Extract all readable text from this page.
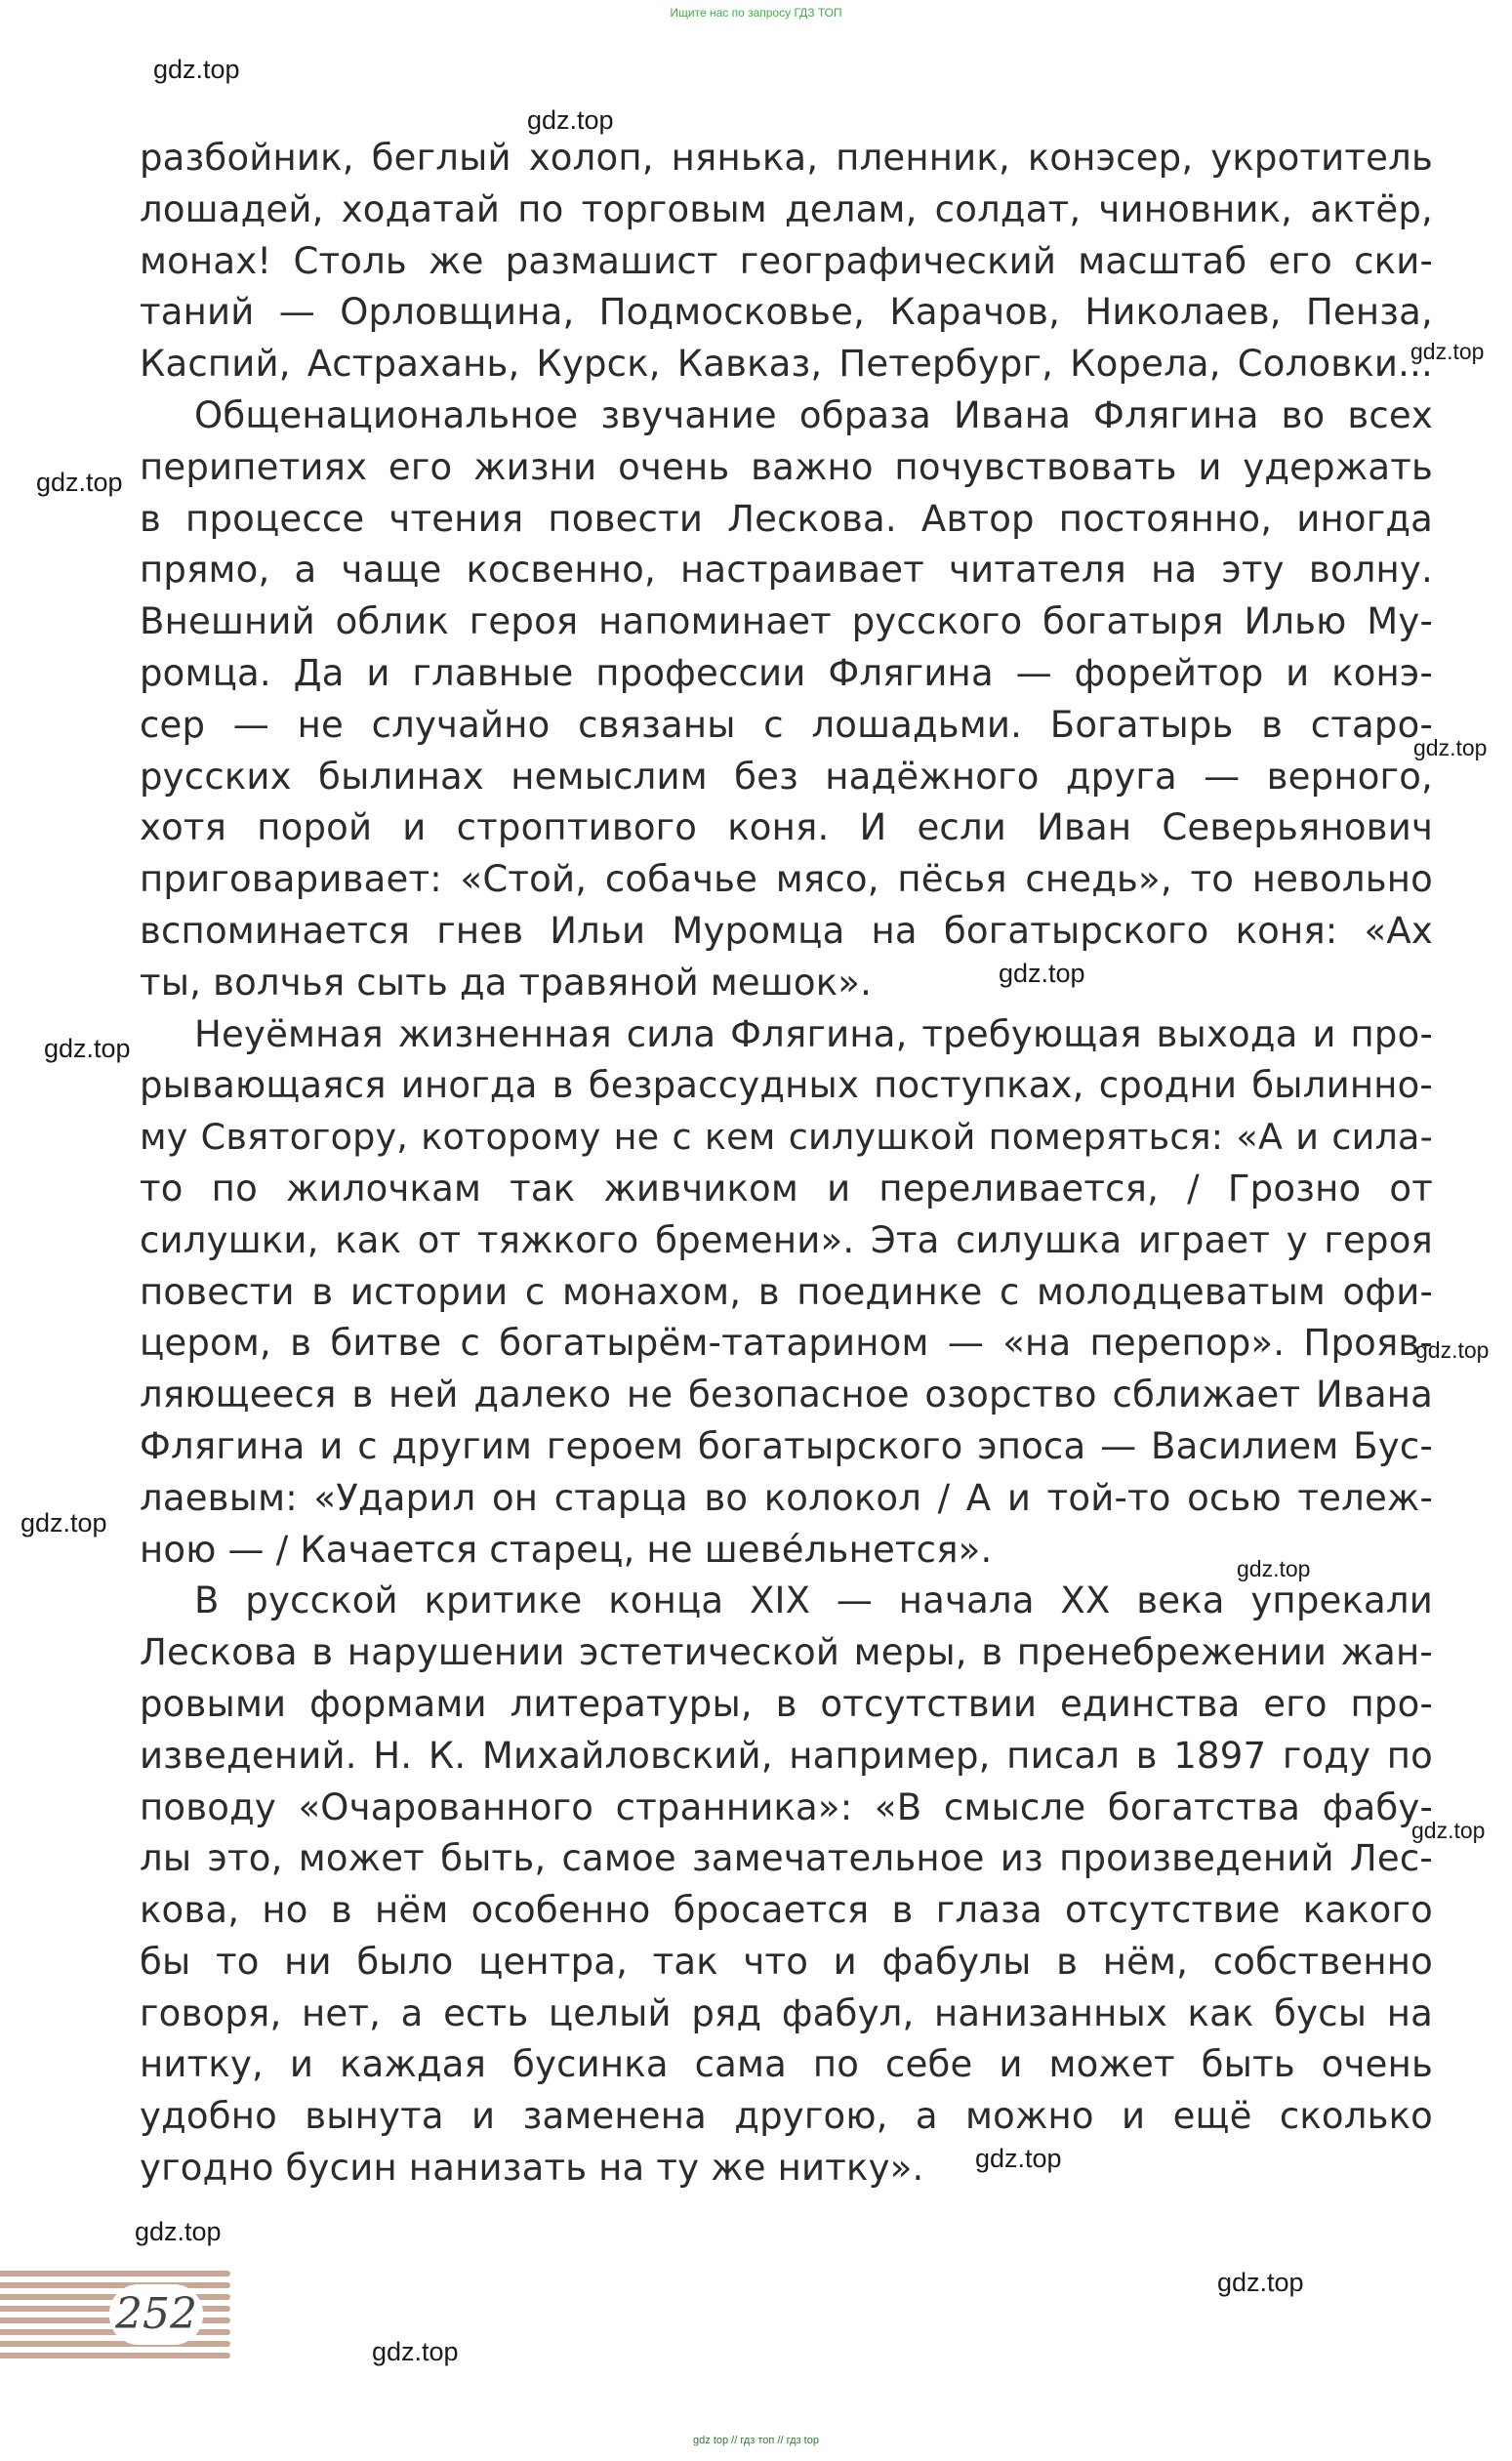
Ищите нас по запросу ГДЗ ТОП
разбойник, беглый холоп, нянька, пленник, конэсер, укротитель
лошадей, ходатай по торговым делам, солдат, чиновник, актёр,
монах! Столь же размашист географический масштаб его ски-
таний — Орловщина, Подмосковье, Карачов, Николаев, Пенза,
Каспий, Астрахань, Курск, Кавказ, Петербург, Корела, Соловки...
Общенациональное звучание образа Ивана Флягина во всех
перипетиях его жизни очень важно почувствовать и удержать
в процессе чтения повести Лескова. Автор постоянно, иногда
прямо, а чаще косвенно, настраивает читателя на эту волну.
Внешний облик героя напоминает русского богатыря Илью Му-
ромца. Да и главные профессии Флягина — форейтор и конэ-
сер — не случайно связаны с лошадьми. Богатырь в старо-
русских былинах немыслим без надёжного друга — верного,
хотя порой и строптивого коня. И если Иван Северьянович
приговаривает: «Стой, собачье мясо, пёсья снедь», то невольно
вспоминается гнев Ильи Муромца на богатырского коня: «Ах
ты, волчья сыть да травяной мешок».
Неуёмная жизненная сила Флягина, требующая выхода и про-
рывающаяся иногда в безрассудных поступках, сродни былинно-
му Святогору, которому не с кем силушкой померяться: «А и сила-
то по жилочкам так живчиком и переливается, / Грозно от
силушки, как от тяжкого бремени». Эта силушка играет у героя
повести в истории с монахом, в поединке с молодцеватым офи-
цером, в битве с богатырём-татарином — «на перепор». Прояв-
ляющееся в ней далеко не безопасное озорство сближает Ивана
Флягина и с другим героем богатырского эпоса — Василием Бус-
лаевым: «Ударил он старца во колокол / А и той-то осью тележ-
ною — / Качается старец, не шевéльнется».
В русской критике конца XIX — начала XX века упрекали
Лескова в нарушении эстетической меры, в пренебрежении жан-
ровыми формами литературы, в отсутствии единства его про-
изведений. Н. К. Михайловский, например, писал в 1897 году по
поводу «Очарованного странника»: «В смысле богатства фабу-
лы это, может быть, самое замечательное из произведений Лес-
кова, но в нём особенно бросается в глаза отсутствие какого
бы то ни было центра, так что и фабулы в нём, собственно
говоря, нет, а есть целый ряд фабул, нанизанных как бусы на
нитку, и каждая бусинка сама по себе и может быть очень
удобно вынута и заменена другою, а можно и ещё сколько
угодно бусин нанизать на ту же нитку».
gdz.top
gdz.top
gdz.top
gdz.top
gdz.top
gdz.top
gdz.top
gdz.top
gdz.top
gdz.top
gdz.top
gdz.top
gdz.top
gdz.top
gdz.top
252
gdz top // гдз топ // гдз top
